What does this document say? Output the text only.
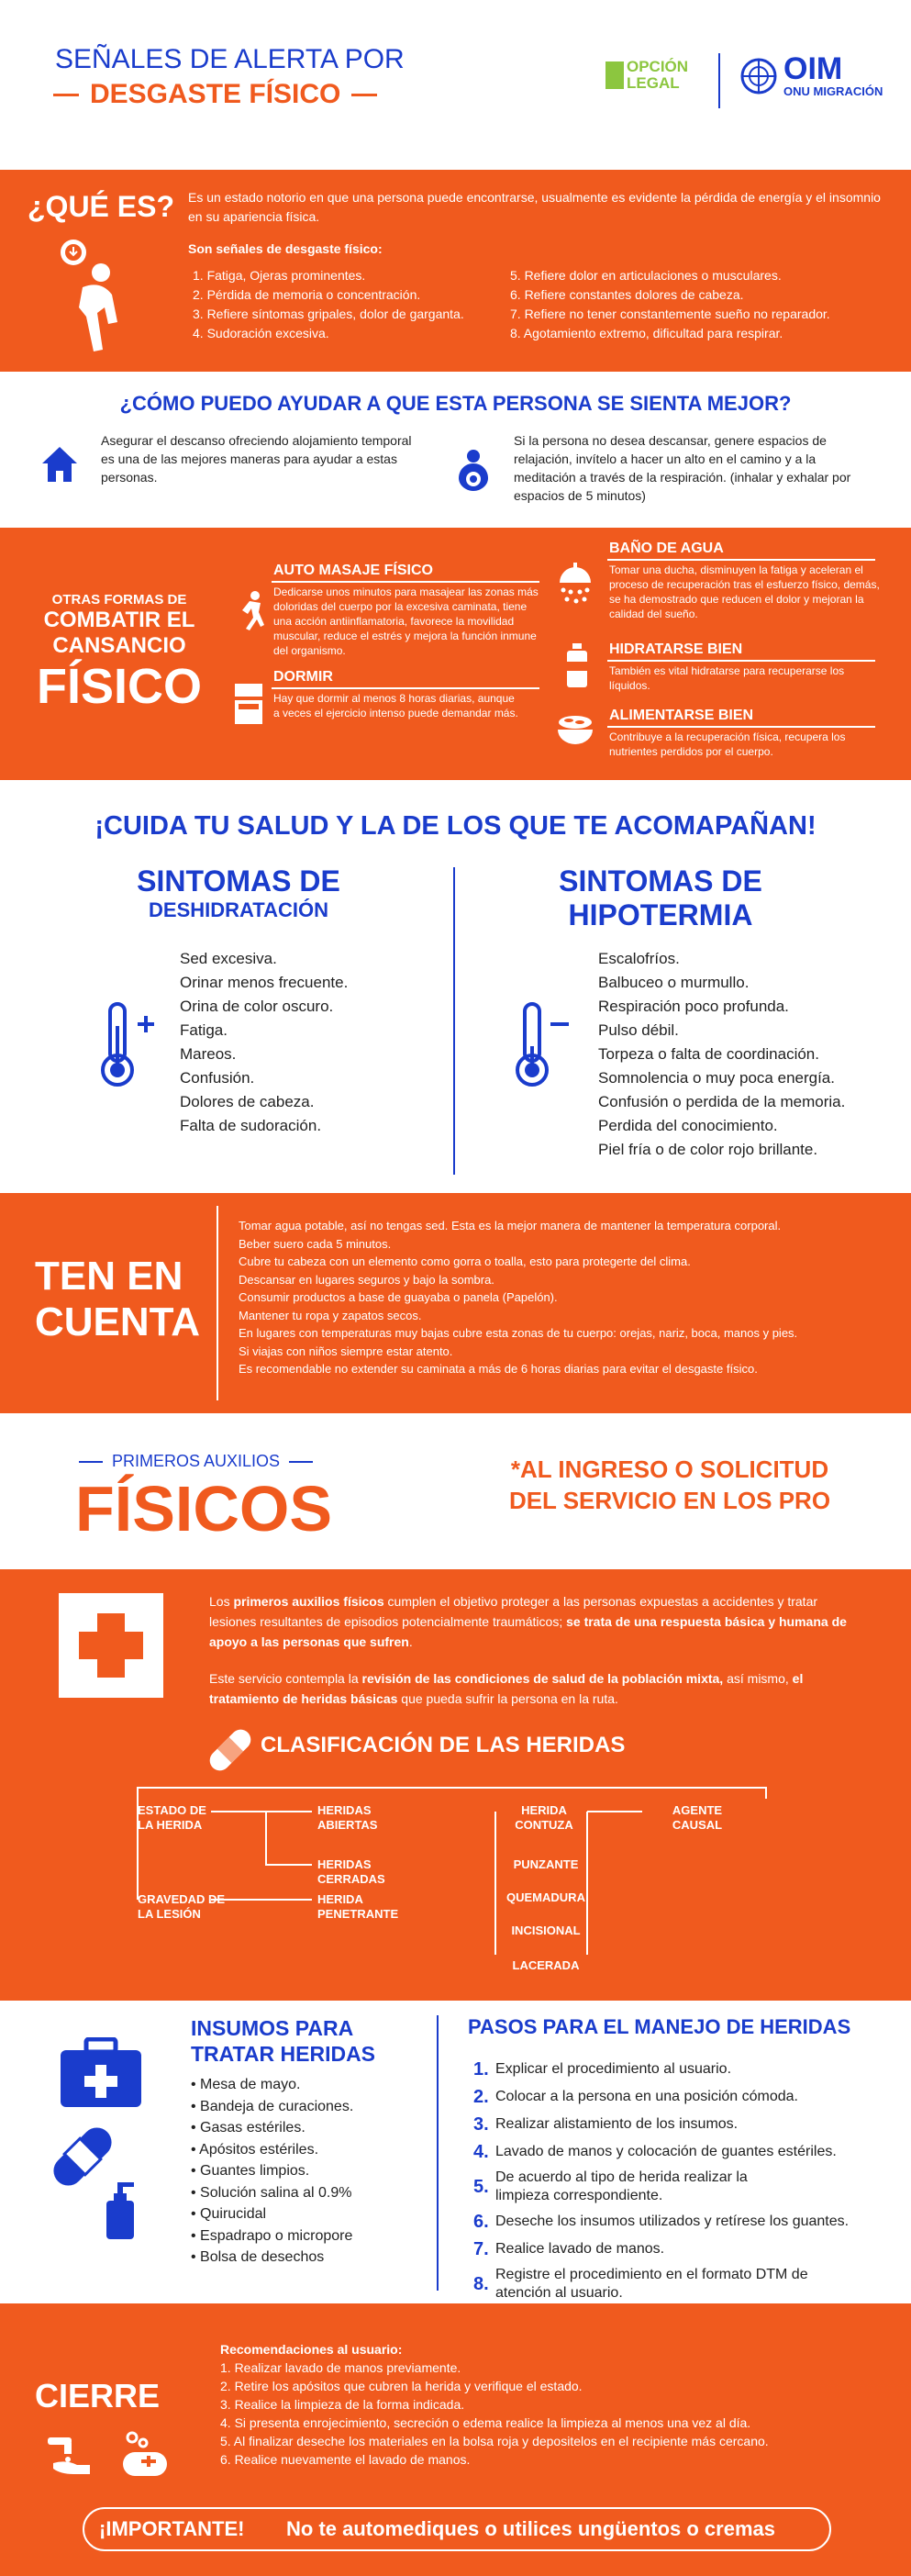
SEÑALES DE ALERTA POR
DESGASTE FÍSICO
OPCIÓN
LEGAL	OIM
ONU MIGRACIÓN
¿QUÉ ES? Es un estado notorio en que una persona puede encontrarse, usualmente es evidente la pérdida de energía y el insomnio en su apariencia física.
Son señales de desgaste físico:
1. Fatiga, Ojeras prominentes.
2. Pérdida de memoria o concentración.
3. Refiere síntomas gripales, dolor de garganta.
4. Sudoración excesiva.
5. Refiere dolor en articulaciones o musculares.
6. Refiere constantes dolores de cabeza.
7. Refiere no tener constantemente sueño no reparador.
8. Agotamiento extremo, dificultad para respirar.
¿CÓMO PUEDO AYUDAR A QUE ESTA PERSONA SE SIENTA MEJOR?
Asegurar el descanso ofreciendo alojamiento temporal es una de las mejores maneras para ayudar a estas personas.
Si la persona no desea descansar, genere espacios de relajación, invítelo a hacer un alto en el camino y a la meditación a través de la respiración. (inhalar y exhalar por espacios de 5 minutos)
OTRAS FORMAS DE
COMBATIR EL
CANSANCIO
FÍSICO
AUTO MASAJE FÍSICO
Dedicarse unos minutos para masajear las zonas más doloridas del cuerpo por la excesiva caminata, tiene una acción antiinflamatoria, favorece la movilidad muscular, reduce el estrés y mejora la función inmune del organismo.
DORMIR
Hay que dormir al menos 8 horas diarias, aunque a veces el ejercicio intenso puede demandar más.
BAÑO DE AGUA
Tomar una ducha, disminuyen la fatiga y aceleran el proceso de recuperación tras el esfuerzo físico, demás, se ha demostrado que reducen el dolor y mejoran la calidad del sueño.
HIDRATARSE BIEN
También es vital hidratarse para recuperarse los líquidos.
ALIMENTARSE BIEN
Contribuye a la recuperación física, recupera los nutrientes perdidos por el cuerpo.
¡CUIDA TU SALUD Y LA DE LOS QUE TE ACOMAPAÑAN!
SINTOMAS DE
DESHIDRATACIÓN
Sed excesiva.
Orinar menos frecuente.
Orina de color oscuro.
Fatiga.
Mareos.
Confusión.
Dolores de cabeza.
Falta de sudoración.
SINTOMAS DE
HIPOTERMIA
Escalofríos.
Balbuceo o murmullo.
Respiración poco profunda.
Pulso débil.
Torpeza o falta de coordinación.
Somnolencia o muy poca energía.
Confusión o perdida de la memoria.
Perdida del conocimiento.
Piel fría o de color rojo brillante.
TEN EN
CUENTA
Tomar agua potable, así no tengas sed. Esta es la mejor manera de mantener la temperatura corporal.
Beber suero cada 5 minutos.
Cubre tu cabeza con un elemento como gorra o toalla, esto para protegerte del clima.
Descansar en lugares seguros y bajo la sombra.
Consumir productos a base de guayaba o panela (Papelón).
Mantener tu ropa y zapatos secos.
En lugares con temperaturas muy bajas cubre esta zonas de tu cuerpo: orejas, nariz, boca, manos y pies.
Si viajas con niños siempre estar atento.
Es recomendable no extender su caminata a más de 6 horas diarias para evitar el desgaste físico.
PRIMEROS AUXILIOS
FÍSICOS
*AL INGRESO O SOLICITUD
DEL SERVICIO EN LOS PRO
Los primeros auxilios físicos cumplen el objetivo proteger a las personas expuestas a accidentes y tratar lesiones resultantes de episodios potencialmente traumáticos; se trata de una respuesta básica y humana de apoyo a las personas que sufren.
Este servicio contempla la revisión de las condiciones de salud de la población mixta, así mismo, el tratamiento de heridas básicas que pueda sufrir la persona en la ruta.
CLASIFICACIÓN DE LAS HERIDAS
ESTADO DE LA HERIDA
HERIDAS ABIERTAS
HERIDAS CERRADAS
GRAVEDAD DE LA LESIÓN
HERIDA PENETRANTE
AGENTE CAUSAL
HERIDA CONTUZA
PUNZANTE
QUEMADURA
INCISIONAL
LACERADA
INSUMOS PARA
TRATAR HERIDAS
• Mesa de mayo.
• Bandeja de curaciones.
• Gasas estériles.
• Apósitos estériles.
• Guantes limpios.
• Solución salina al 0.9%
• Quirucidal
• Espadrapo o micropore
• Bolsa de desechos
PASOS PARA EL MANEJO DE HERIDAS
1. Explicar el procedimiento al usuario.
2. Colocar a la persona en una posición cómoda.
3. Realizar alistamiento de los insumos.
4. Lavado de manos y colocación de guantes estériles.
5. De acuerdo al tipo de herida realizar la limpieza correspondiente.
6. Deseche los insumos utilizados y retírese los guantes.
7. Realice lavado de manos.
8. Registre el procedimiento en el formato DTM de atención al usuario.
CIERRE
Recomendaciones al usuario:
1. Realizar lavado de manos previamente.
2. Retire los apósitos que cubren la herida y verifique el estado.
3. Realice la limpieza de la forma indicada.
4. Si presenta enrojecimiento, secreción o edema realice la limpieza al menos una vez al día.
5. Al finalizar deseche los materiales en la bolsa roja y depositelos en el recipiente más cercano.
6. Realice nuevamente el lavado de manos.
¡IMPORTANTE!	No te automediques o utilices ungüentos o cremas
